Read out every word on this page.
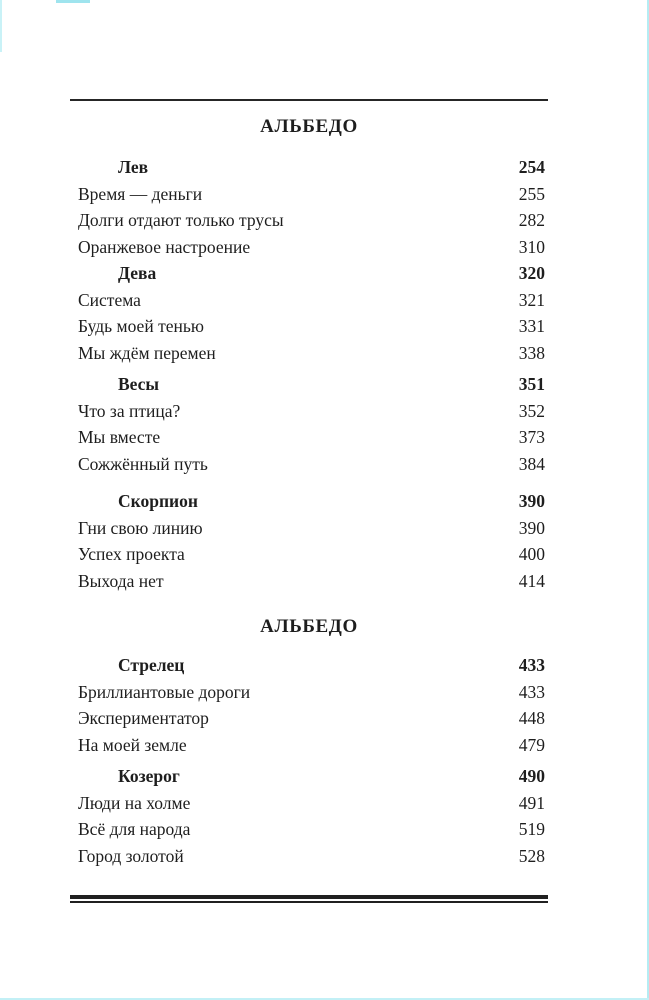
АЛЬБЕДО
Лев	254
Время — деньги	255
Долги отдают только трусы	282
Оранжевое настроение	310
Дева	320
Система	321
Будь моей тенью	331
Мы ждём перемен	338
Весы	351
Что за птица?	352
Мы вместе	373
Сожжённый путь	384
Скорпион	390
Гни свою линию	390
Успех проекта	400
Выхода нет	414
АЛЬБЕДО
Стрелец	433
Бриллиантовые дороги	433
Экспериментатор	448
На моей земле	479
Козерог	490
Люди на холме	491
Всё для народа	519
Город золотой	528
